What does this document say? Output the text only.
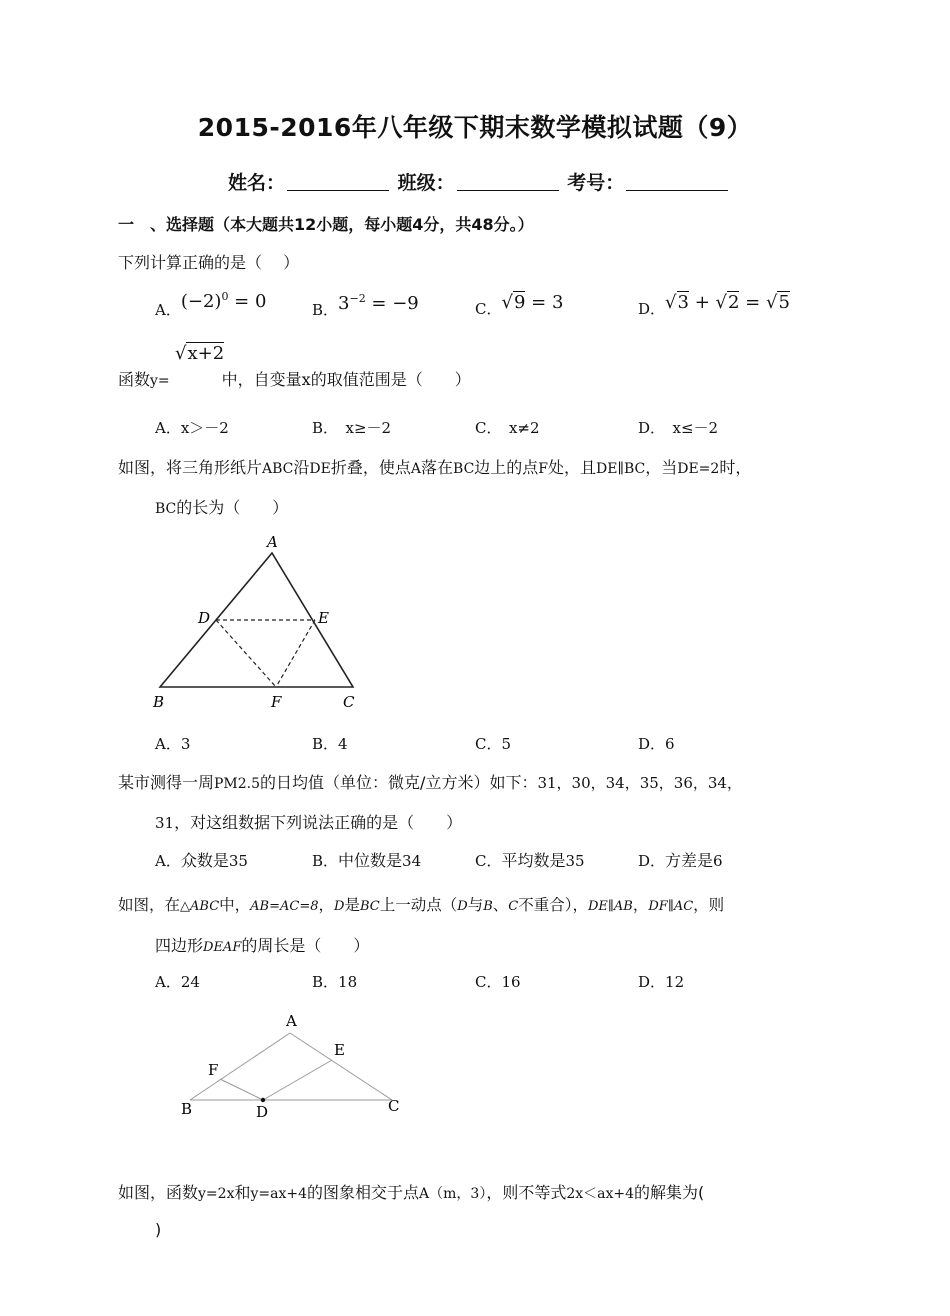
2015-2016年八年级下期末数学模拟试题（9）
姓名：	班级：	考号：
一　、选择题（本大题共12小题，每小题4分，共48分。）
下列计算正确的是（　 ）
A．$(-2)^0 = 0$	B．$3^{-2} = -9$	C．√9 = 3	D．√3 + √2 = √5
√x+2
函数y=	中，自变量x的取值范围是（　　）
A．x＞－2	B．　x≥－2	C．　x≠2	D．　x≤－2
如图，将三角形纸片ABC沿DE折叠，使点A落在BC边上的点F处，且DE∥BC，当DE=2时，
BC的长为（　　）
A
D	E
B	F	C
A．3	B．4	C．5	D．6
某市测得一周PM2.5的日均值（单位：微克/立方米）如下：31，30，34，35，36，34，
31，对这组数据下列说法正确的是（　　）
A．众数是35	B．中位数是34	C．平均数是35	D．方差是6
如图，在△ABC中，AB=AC=8，D是BC上一动点（D与B、C不重合），DE∥AB，DF∥AC，则
四边形DEAF的周长是（　　）
A．24	B．18	C．16	D．12
A
E
F
B	D	C
如图，函数y=2x和y=ax+4的图象相交于点A（m，3），则不等式2x＜ax+4的解集为(
)
